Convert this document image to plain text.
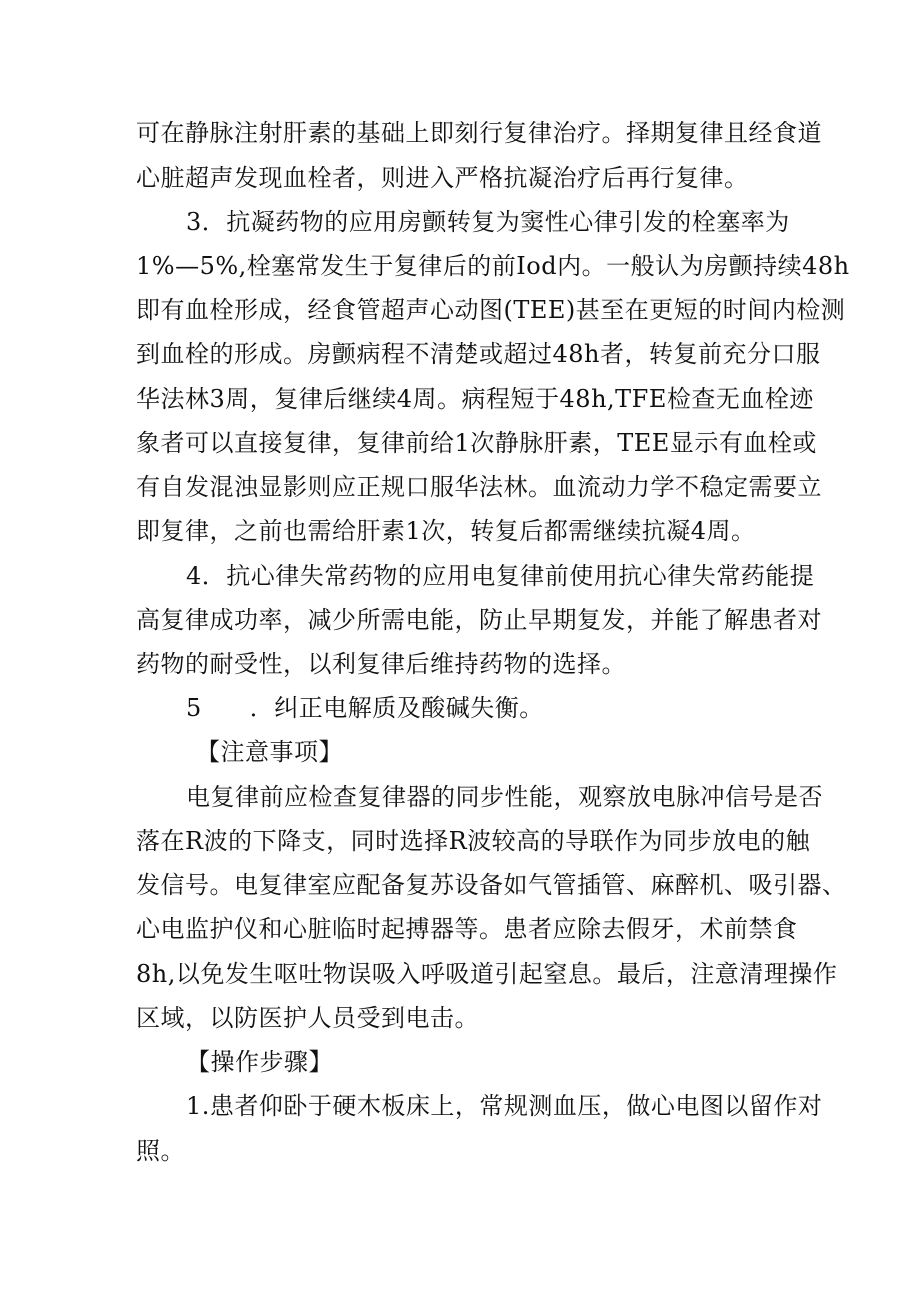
可在静脉注射肝素的基础上即刻行复律治疗。择期复律且经食道
心脏超声发现血栓者，则进入严格抗凝治疗后再行复律。
3．抗凝药物的应用房颤转复为窦性心律引发的栓塞率为
1%—5%,栓塞常发生于复律后的前Iod内。一般认为房颤持续48h
即有血栓形成，经食管超声心动图(TEE)甚至在更短的时间内检测
到血栓的形成。房颤病程不清楚或超过48h者，转复前充分口服
华法林3周，复律后继续4周。病程短于48h,TFE检查无血栓迹
象者可以直接复律，复律前给1次静脉肝素，TEE显示有血栓或
有自发混浊显影则应正规口服华法林。血流动力学不稳定需要立
即复律，之前也需给肝素1次，转复后都需继续抗凝4周。
4．抗心律失常药物的应用电复律前使用抗心律失常药能提
高复律成功率，减少所需电能，防止早期复发，并能了解患者对
药物的耐受性，以利复律后维持药物的选择。
5 ．纠正电解质及酸碱失衡。
【注意事项】
电复律前应检查复律器的同步性能，观察放电脉冲信号是否
落在R波的下降支，同时选择R波较高的导联作为同步放电的触
发信号。电复律室应配备复苏设备如气管插管、麻醉机、吸引器、
心电监护仪和心脏临时起搏器等。患者应除去假牙，术前禁食
8h,以免发生呕吐物误吸入呼吸道引起窒息。最后，注意清理操作
区域，以防医护人员受到电击。
【操作步骤】
1.患者仰卧于硬木板床上，常规测血压，做心电图以留作对
照。
